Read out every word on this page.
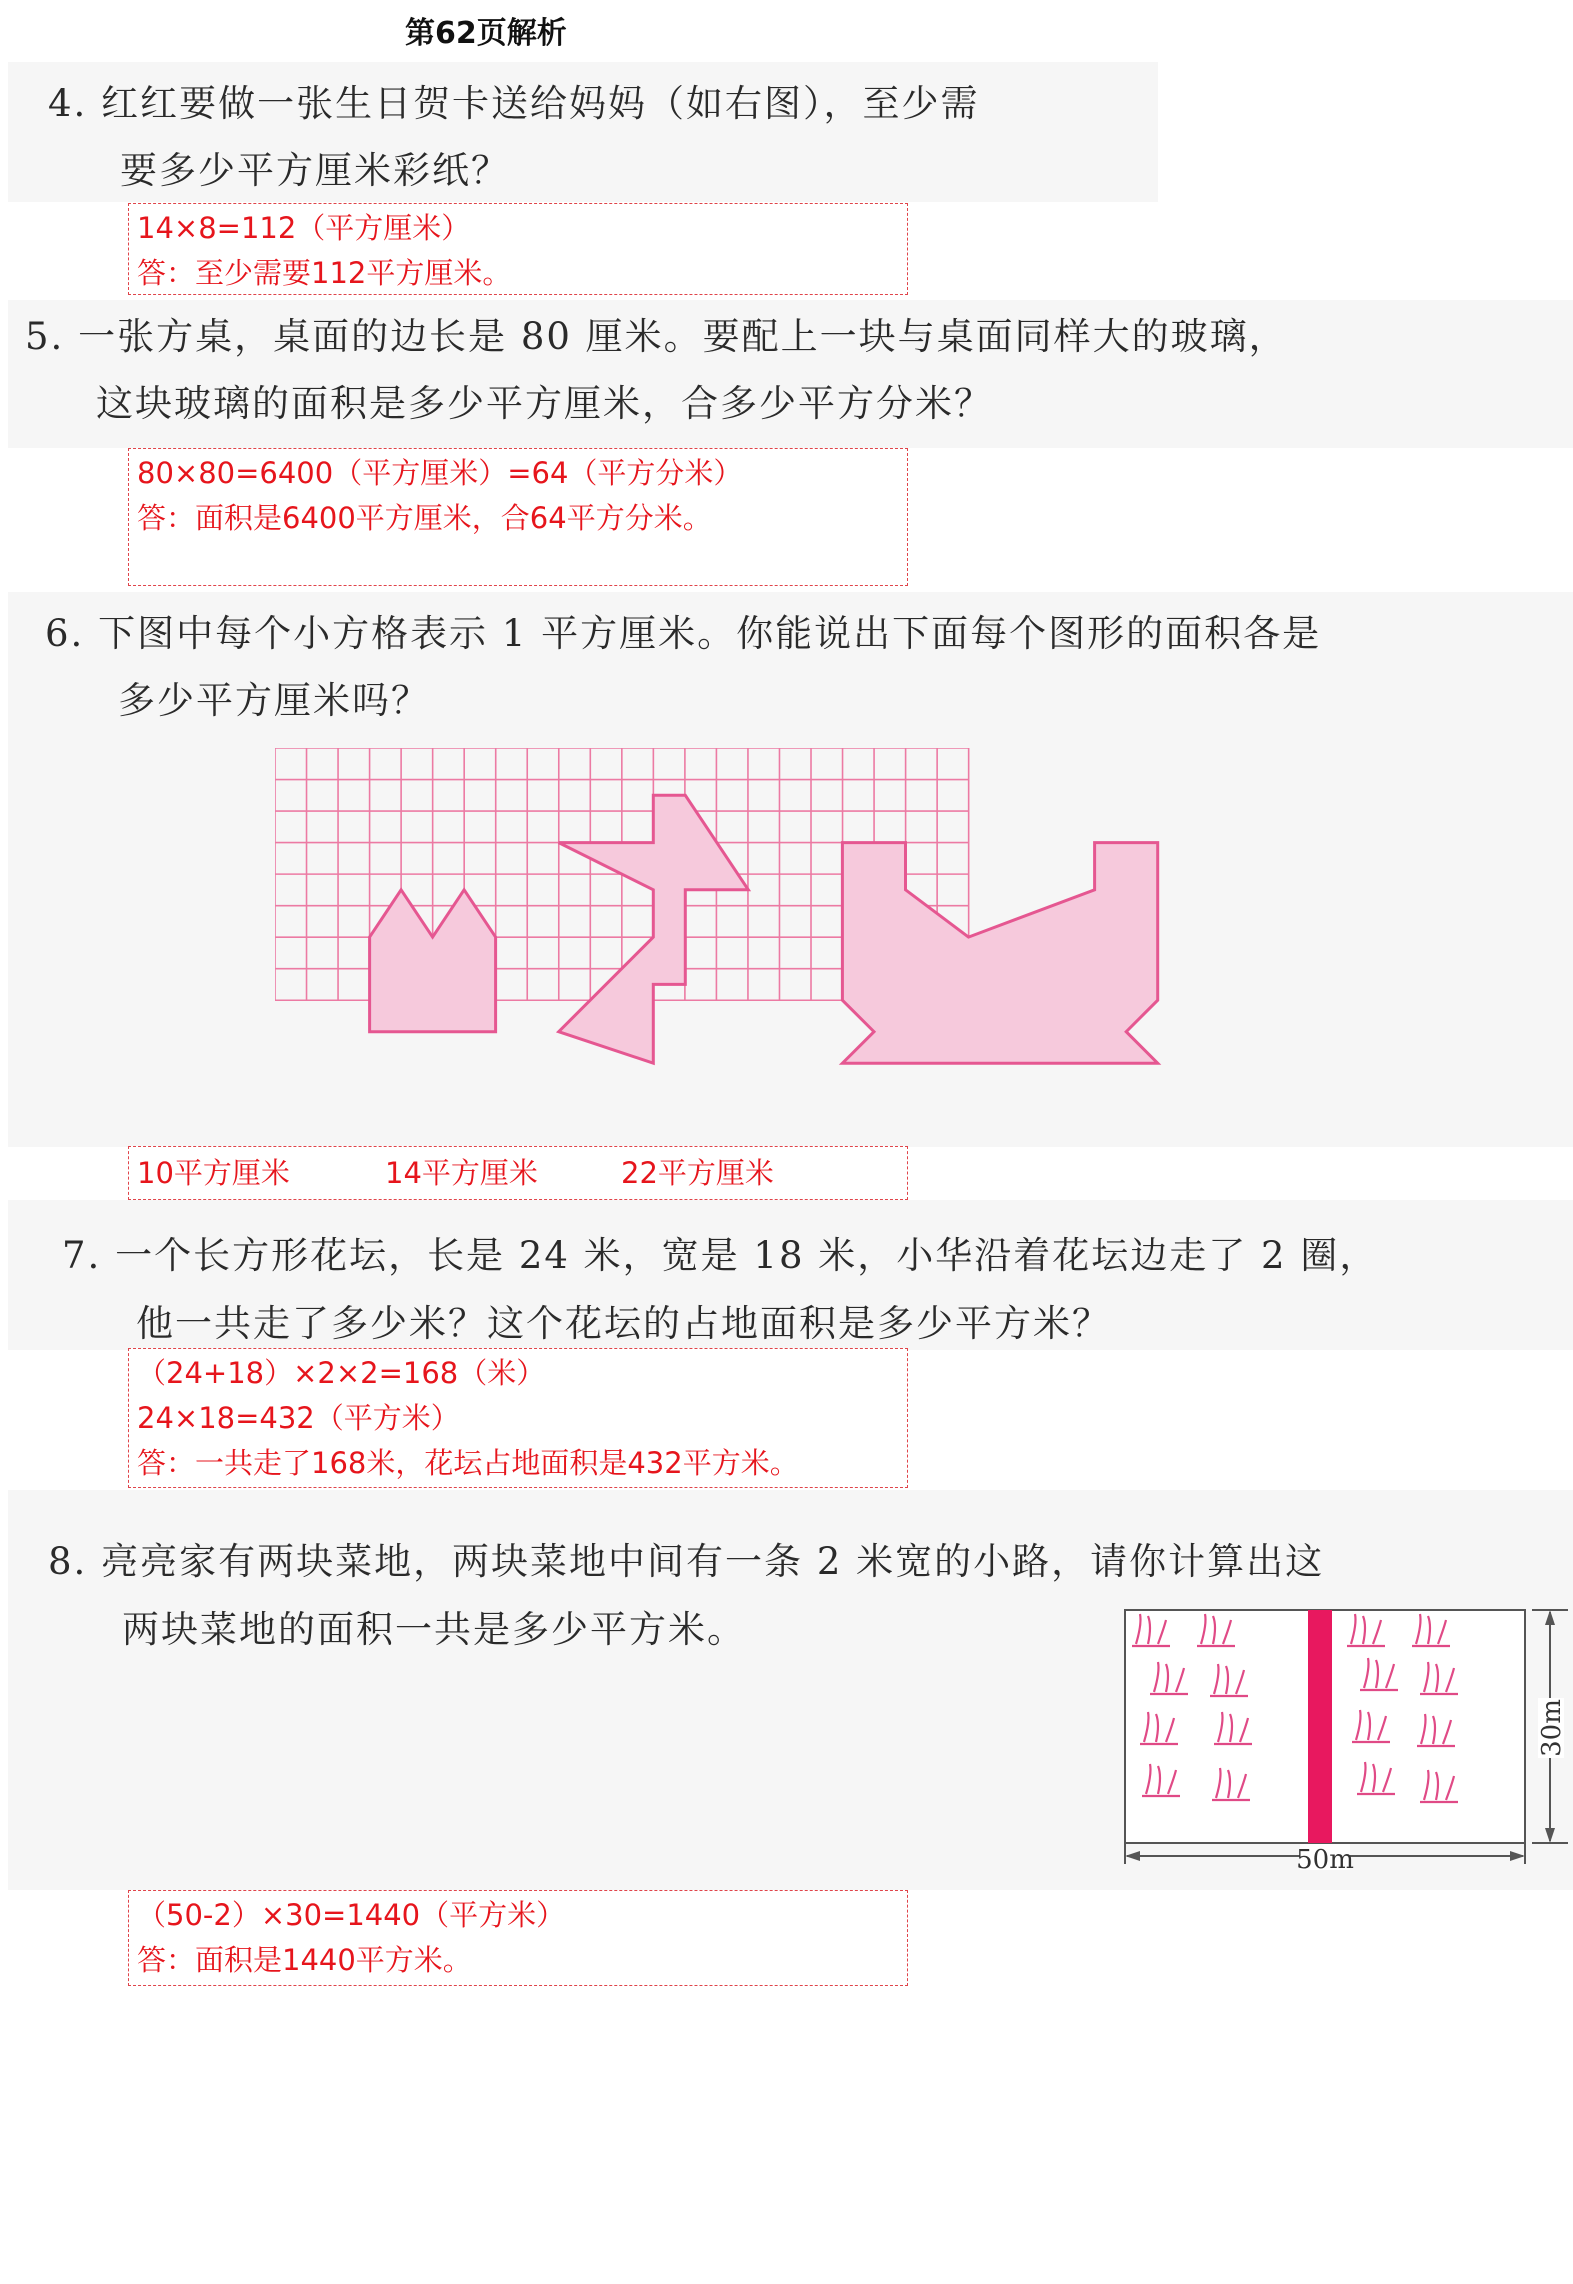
第62页解析
4. 红红要做一张生日贺卡送给妈妈（如右图），至少需
要多少平方厘米彩纸？
14×8=112（平方厘米）
答：至少需要112平方厘米。
5. 一张方桌，桌面的边长是 80 厘米。要配上一块与桌面同样大的玻璃，
这块玻璃的面积是多少平方厘米，合多少平方分米？
80×80=6400（平方厘米）=64（平方分米）
答：面积是6400平方厘米，合64平方分米。
6. 下图中每个小方格表示 1 平方厘米。你能说出下面每个图形的面积各是
多少平方厘米吗？
10平方厘米	14平方厘米	22平方厘米
7. 一个长方形花坛，长是 24 米，宽是 18 米，小华沿着花坛边走了 2 圈，
他一共走了多少米？这个花坛的占地面积是多少平方米？
（24+18）×2×2=168（米）
24×18=432（平方米）
答：一共走了168米，花坛占地面积是432平方米。
8. 亮亮家有两块菜地，两块菜地中间有一条 2 米宽的小路，请你计算出这
两块菜地的面积一共是多少平方米。
50m
30m
（50-2）×30=1440（平方米）
答：面积是1440平方米。
